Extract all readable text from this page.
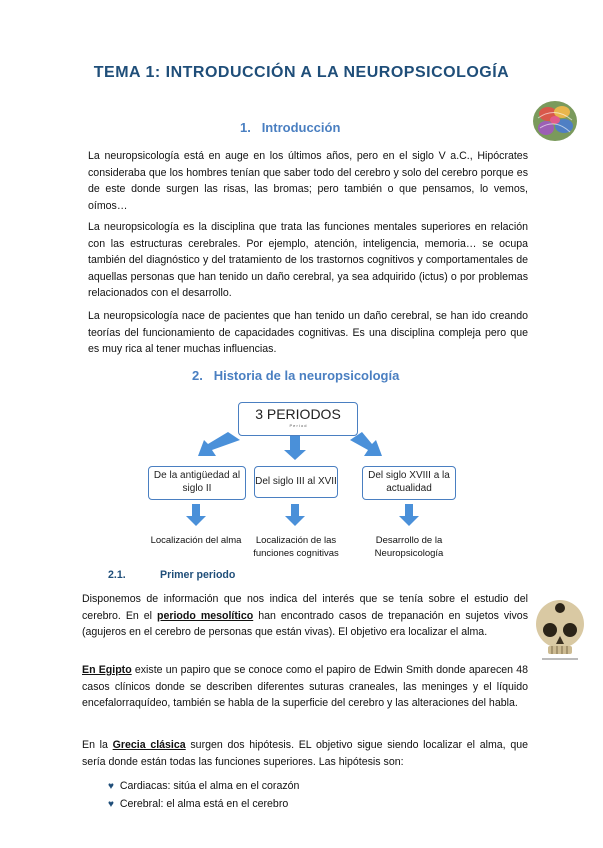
TEMA 1: INTRODUCCIÓN A LA NEUROPSICOLOGÍA
1. Introducción
La neuropsicología está en auge en los últimos años, pero en el siglo V a.C., Hipócrates consideraba que los hombres tenían que saber todo del cerebro y solo del cerebro porque es de este donde surgen las risas, las bromas; pero también o que pensamos, lo vemos, oímos…
La neuropsicología es la disciplina que trata las funciones mentales superiores en relación con las estructuras cerebrales. Por ejemplo, atención, inteligencia, memoria… se ocupa también del diagnóstico y del tratamiento de los trastornos cognitivos y comportamentales de aquellas personas que han tenido un daño cerebral, ya sea adquirido (ictus) o por problemas relacionados con el desarrollo.
La neuropsicología nace de pacientes que han tenido un daño cerebral, se han ido creando teorías del funcionamiento de capacidades cognitivas. Es una disciplina compleja pero que es muy rica al tener muchas influencias.
2. Historia de la neuropsicología
3 PERIODOS
P e r i o d
De la antigüedad al siglo II
Del siglo III al XVII
Del siglo XVIII a la actualidad
Localización del alma	Localización de las funciones cognitivas
Desarrollo de la Neuropsicología
2.1.	Primer periodo
Disponemos de información que nos indica del interés que se tenía sobre el estudio del cerebro. En el periodo mesolítico han encontrado casos de trepanación en sujetos vivos (agujeros en el cerebro de personas que están vivas). El objetivo era localizar el alma.
En Egipto existe un papiro que se conoce como el papiro de Edwin Smith donde aparecen 48 casos clínicos donde se describen diferentes suturas craneales, las meninges y el líquido encefalorraquídeo, también se habla de la superficie del cerebro y las alteraciones del habla.
En la Grecia clásica surgen dos hipótesis. EL objetivo sigue siendo localizar el alma, que sería donde están todas las funciones superiores. Las hipótesis son:
♥ Cardiacas: sitúa el alma en el corazón
♥ Cerebral: el alma está en el cerebro
